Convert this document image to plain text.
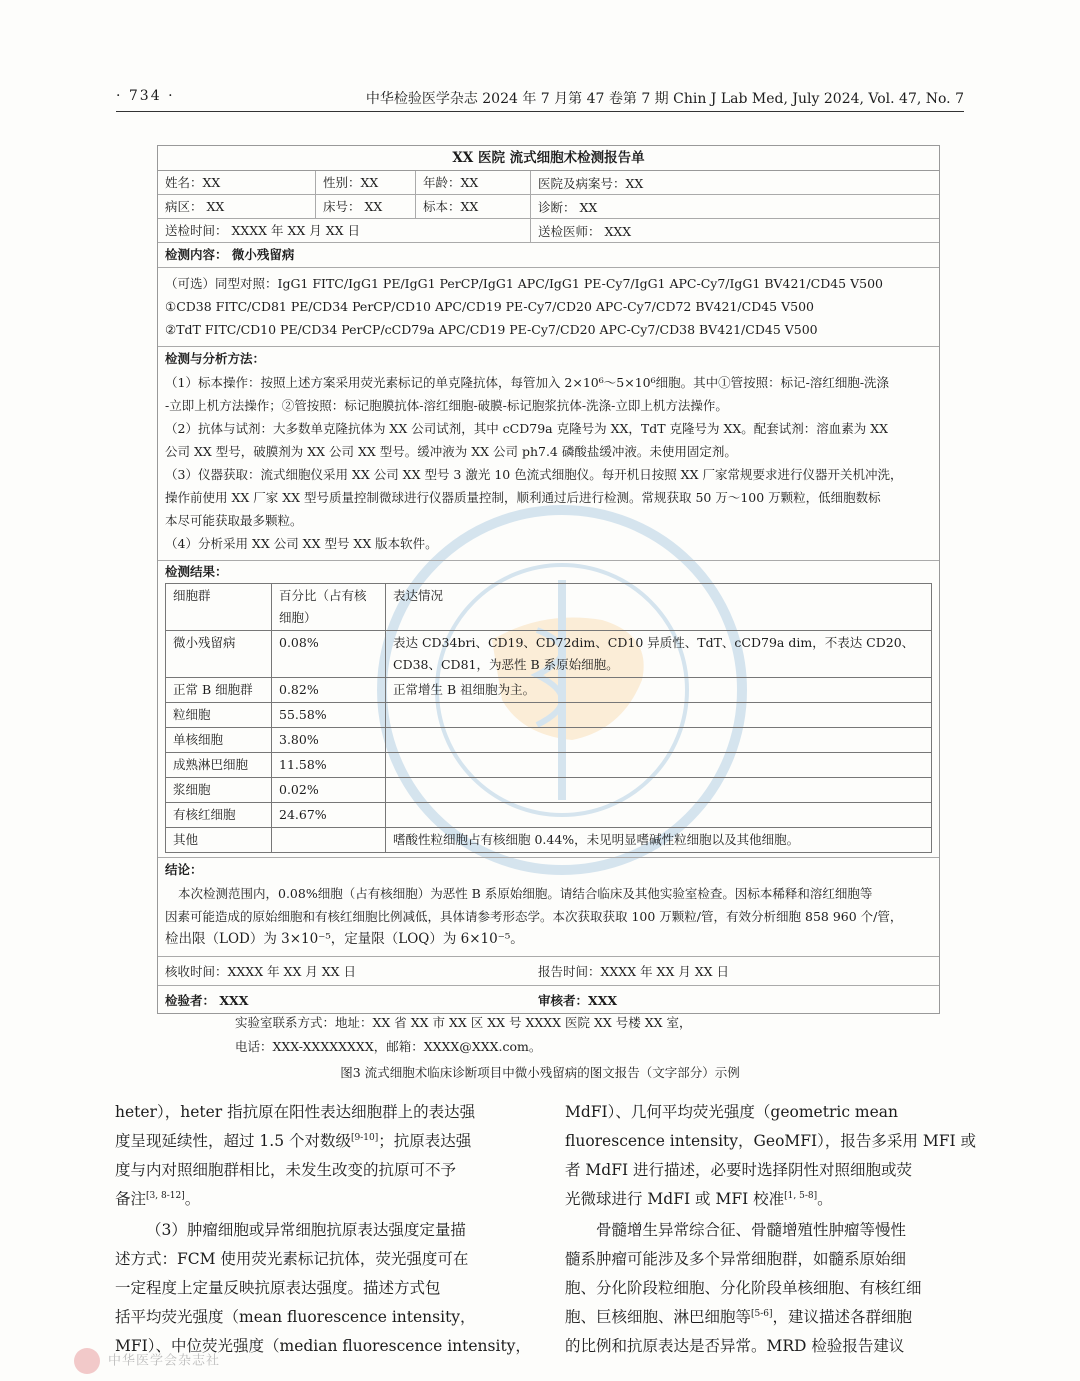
· 734 ·	中华检验医学杂志 2024 年 7 月第 47 卷第 7 期 Chin J Lab Med, July 2024, Vol. 47, No. 7
XX 医院 流式细胞术检测报告单
姓名：XX	性别：XX	年龄：XX	医院及病案号：XX
病区： XX	床号： XX	标本：XX	诊断： XX
送检时间： XXXX 年 XX 月 XX 日	送检医师： XXX
检测内容： 微小残留病
（可选）同型对照：IgG1 FITC/IgG1 PE/IgG1 PerCP/IgG1 APC/IgG1 PE-Cy7/IgG1 APC-Cy7/IgG1 BV421/CD45 V500
①CD38 FITC/CD81 PE/CD34 PerCP/CD10 APC/CD19 PE-Cy7/CD20 APC-Cy7/CD72 BV421/CD45 V500
②TdT FITC/CD10 PE/CD34 PerCP/cCD79a APC/CD19 PE-Cy7/CD20 APC-Cy7/CD38 BV421/CD45 V500
检测与分析方法：
（1）标本操作：按照上述方案采用荧光素标记的单克隆抗体，每管加入 2×10⁶～5×10⁶细胞。其中①管按照：标记-溶红细胞-洗涤
-立即上机方法操作；②管按照：标记胞膜抗体-溶红细胞-破膜-标记胞浆抗体-洗涤-立即上机方法操作。
（2）抗体与试剂：大多数单克隆抗体为 XX 公司试剂，其中 cCD79a 克隆号为 XX，TdT 克隆号为 XX。配套试剂：溶血素为 XX
公司 XX 型号，破膜剂为 XX 公司 XX 型号。缓冲液为 XX 公司 ph7.4 磷酸盐缓冲液。未使用固定剂。
（3）仪器获取：流式细胞仪采用 XX 公司 XX 型号 3 激光 10 色流式细胞仪。每开机日按照 XX 厂家常规要求进行仪器开关机冲洗，
操作前使用 XX 厂家 XX 型号质量控制微球进行仪器质量控制，顺利通过后进行检测。常规获取 50 万～100 万颗粒，低细胞数标
本尽可能获取最多颗粒。
（4）分析采用 XX 公司 XX 型号 XX 版本软件。
检测结果：
细胞群	百分比（占有核细胞）	表达情况
微小残留病	0.08%	表达 CD34bri、CD19、CD72dim、CD10 异质性、TdT、cCD79a dim，不表达 CD20、CD38、CD81，为恶性 B 系原始细胞。
正常 B 细胞群	0.82%	正常增生 B 祖细胞为主。
粒细胞	55.58%	
单核细胞	3.80%	
成熟淋巴细胞	11.58%	
浆细胞	0.02%	
有核红细胞	24.67%	
其他		嗜酸性粒细胞占有核细胞 0.44%，未见明显嗜碱性粒细胞以及其他细胞。
结论：
本次检测范围内，0.08%细胞（占有核细胞）为恶性 B 系原始细胞。请结合临床及其他实验室检查。因标本稀释和溶红细胞等
因素可能造成的原始细胞和有核红细胞比例减低，具体请参考形态学。本次获取获取 100 万颗粒/管，有效分析细胞 858 960 个/管，
检出限（LOD）为 3×10⁻⁵，定量限（LOQ）为 6×10⁻⁵。
核收时间：XXXX 年 XX 月 XX 日	报告时间：XXXX 年 XX 月 XX 日
检验者： XXX	审核者：XXX
实验室联系方式：地址：XX 省 XX 市 XX 区 XX 号 XXXX 医院 XX 号楼 XX 室，
电话：XXX-XXXXXXXX，邮箱：XXXX@XXX.com。
图3 流式细胞术临床诊断项目中微小残留病的图文报告（文字部分）示例

heter），heter 指抗原在阳性表达细胞群上的表达强
度呈现延续性，超过 1.5 个对数级[9-10]；抗原表达强
度与内对照细胞群相比，未发生改变的抗原可不予
备注[3, 8-12]。

（3）肿瘤细胞或异常细胞抗原表达强度定量描
述方式：FCM 使用荧光素标记抗体，荧光强度可在
一定程度上定量反映抗原表达强度。描述方式包
括平均荧光强度（mean fluorescence intensity，
MFI）、中位荧光强度（median fluorescence intensity，

MdFI）、几何平均荧光强度（geometric mean
fluorescence intensity，GeoMFI），报告多采用 MFI 或
者 MdFI 进行描述，必要时选择阴性对照细胞或荧
光微球进行 MdFI 或 MFI 校准[1, 5-8]。

骨髓增生异常综合征、骨髓增殖性肿瘤等慢性
髓系肿瘤可能涉及多个异常细胞群，如髓系原始细
胞、分化阶段粒细胞、分化阶段单核细胞、有核红细
胞、巨核细胞、淋巴细胞等[5-6]，建议描述各群细胞
的比例和抗原表达是否异常。MRD 检验报告建议

中华医学会杂志社
